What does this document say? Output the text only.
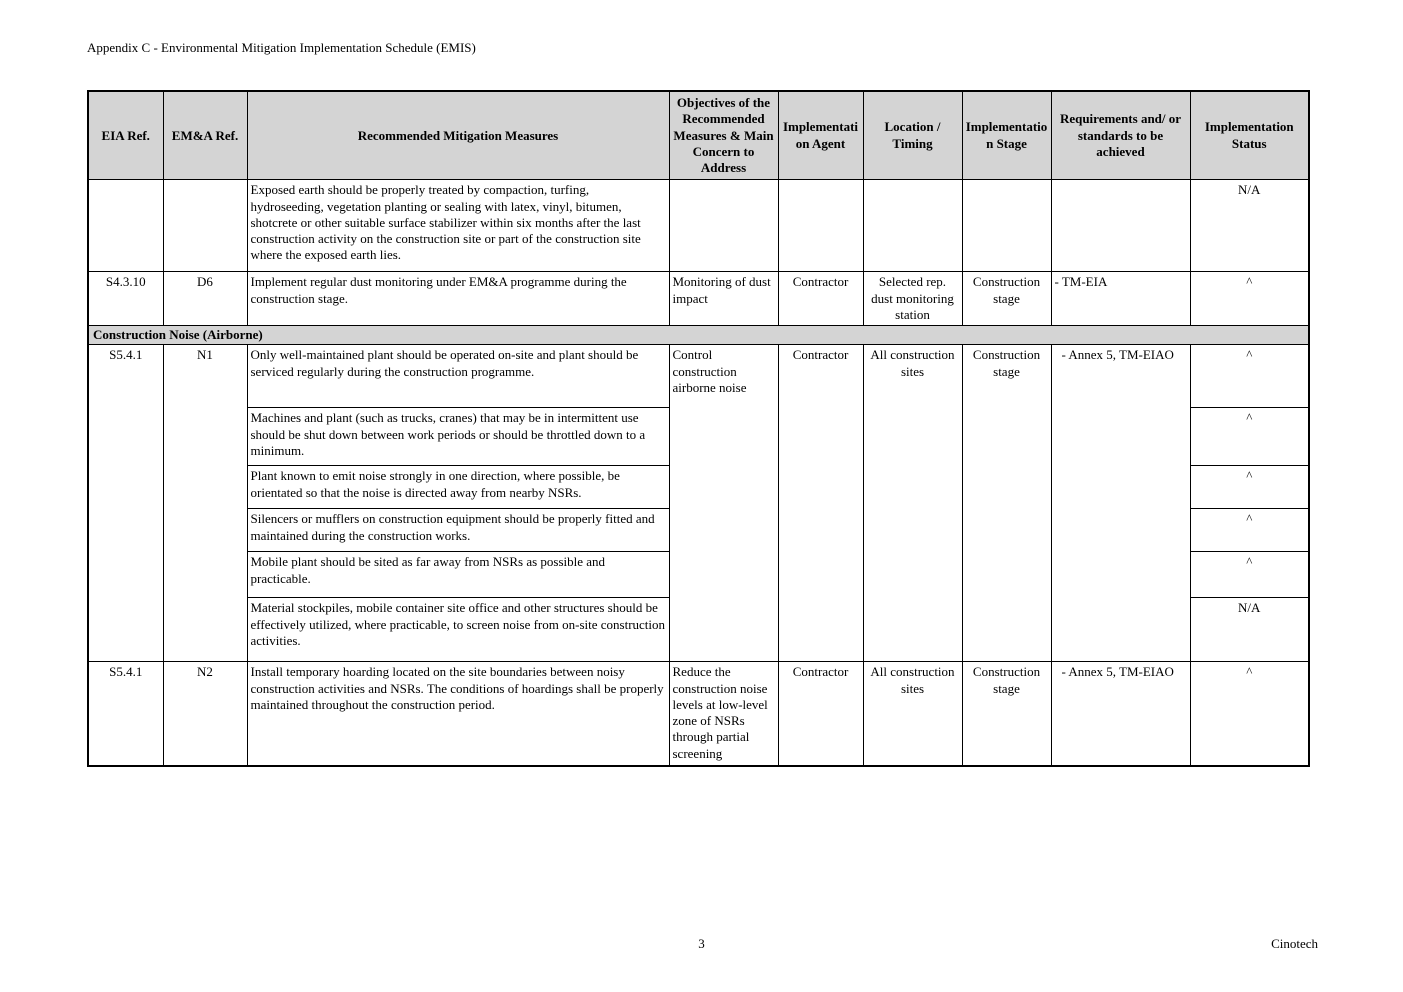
Appendix C - Environmental Mitigation Implementation Schedule (EMIS)
EIA Ref.	EM&A Ref.	Recommended Mitigation Measures	Objectives of the Recommended Measures & Main Concern to Address	Implementation Agent	Location / Timing	Implementation Stage	Requirements and/ or standards to be achieved	Implementation Status
		Exposed earth should be properly treated by compaction, turfing, hydroseeding, vegetation planting or sealing with latex, vinyl, bitumen, shotcrete or other suitable surface stabilizer within six months after the last construction activity on the construction site or part of the construction site where the exposed earth lies.						N/A
S4.3.10	D6	Implement regular dust monitoring under EM&A programme during the construction stage.	Monitoring of dust impact	Contractor	Selected rep. dust monitoring station	Construction stage	- TM-EIA	^
Construction Noise (Airborne)								
S5.4.1	N1	Only well-maintained plant should be operated on-site and plant should be serviced regularly during the construction programme.	Control construction airborne noise	Contractor	All construction sites	Construction stage	- Annex 5, TM-EIAO	^
		Machines and plant (such as trucks, cranes) that may be in intermittent use should be shut down between work periods or should be throttled down to a minimum.						^
		Plant known to emit noise strongly in one direction, where possible, be orientated so that the noise is directed away from nearby NSRs.						^
		Silencers or mufflers on construction equipment should be properly fitted and maintained during the construction works.						^
		Mobile plant should be sited as far away from NSRs as possible and practicable.						^
		Material stockpiles, mobile container site office and other structures should be effectively utilized, where practicable, to screen noise from on-site construction activities.						N/A
S5.4.1	N2	Install temporary hoarding located on the site boundaries between noisy construction activities and NSRs. The conditions of hoardings shall be properly maintained throughout the construction period.	Reduce the construction noise levels at low-level zone of NSRs through partial screening	Contractor	All construction sites	Construction stage	- Annex 5, TM-EIAO	^
3	Cinotech
